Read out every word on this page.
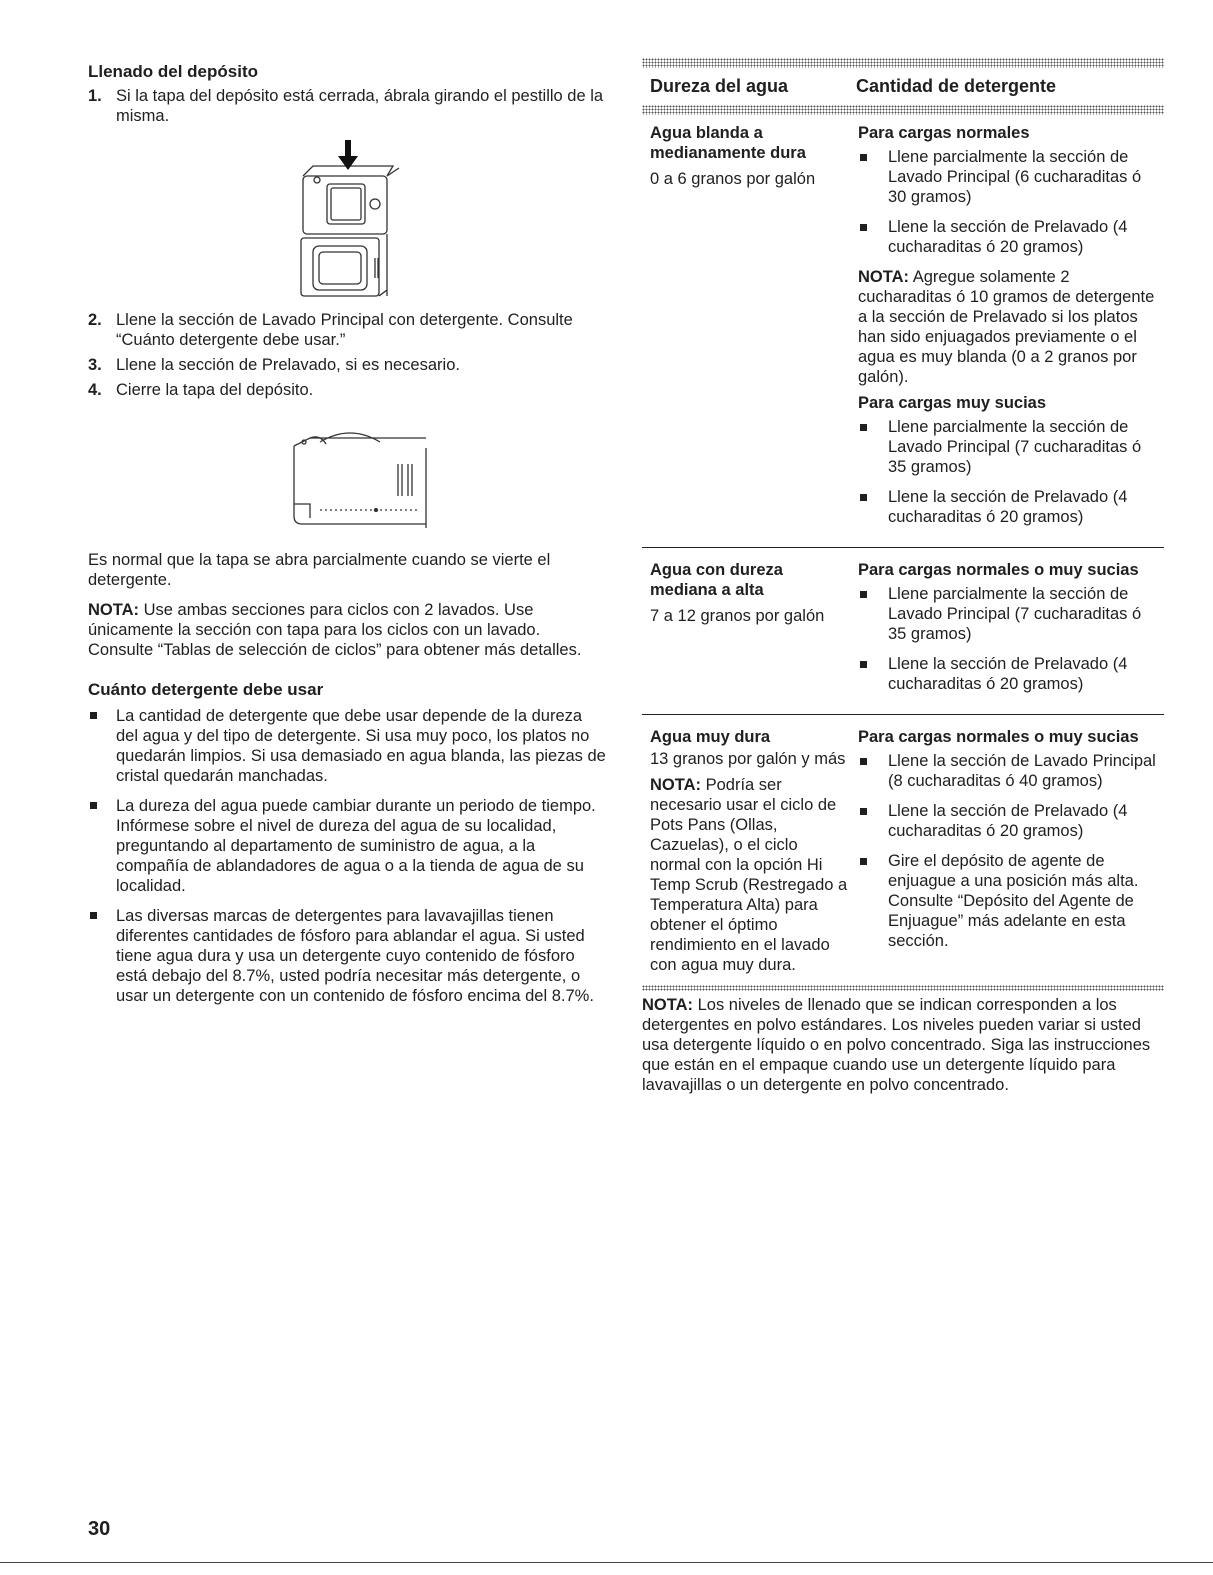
Llenado del depósito
1. Si la tapa del depósito está cerrada, ábrala girando el pestillo de la misma.
2. Llene la sección de Lavado Principal con detergente. Consulte “Cuánto detergente debe usar.”
3. Llene la sección de Prelavado, si es necesario.
4. Cierre la tapa del depósito.

Es normal que la tapa se abra parcialmente cuando se vierte el detergente.

NOTA: Use ambas secciones para ciclos con 2 lavados. Use únicamente la sección con tapa para los ciclos con un lavado. Consulte “Tablas de selección de ciclos” para obtener más detalles.

Cuánto detergente debe usar
La cantidad de detergente que debe usar depende de la dureza del agua y del tipo de detergente. Si usa muy poco, los platos no quedarán limpios. Si usa demasiado en agua blanda, las piezas de cristal quedarán manchadas.
La dureza del agua puede cambiar durante un periodo de tiempo. Infórmese sobre el nivel de dureza del agua de su localidad, preguntando al departamento de suministro de agua, a la compañía de ablandadores de agua o a la tienda de agua de su localidad.
Las diversas marcas de detergentes para lavavajillas tienen diferentes cantidades de fósforo para ablandar el agua. Si usted tiene agua dura y usa un detergente cuyo contenido de fósforo está debajo del 8.7%, usted podría necesitar más detergente, o usar un detergente con un contenido de fósforo encima del 8.7%.
Dureza del agua	Cantidad de detergente
Agua blanda a medianamente dura
0 a 6 granos por galón
Para cargas normales
Llene parcialmente la sección de Lavado Principal (6 cucharaditas ó 30 gramos)
Llene la sección de Prelavado (4 cucharaditas ó 20 gramos)
NOTA: Agregue solamente 2 cucharaditas ó 10 gramos de detergente a la sección de Prelavado si los platos han sido enjuagados previamente o el agua es muy blanda (0 a 2 granos por galón).
Para cargas muy sucias
Llene parcialmente la sección de Lavado Principal (7 cucharaditas ó 35 gramos)
Llene la sección de Prelavado (4 cucharaditas ó 20 gramos)
Agua con dureza mediana a alta
7 a 12 granos por galón
Para cargas normales o muy sucias
Llene parcialmente la sección de Lavado Principal (7 cucharaditas ó 35 gramos)
Llene la sección de Prelavado (4 cucharaditas ó 20 gramos)
Agua muy dura
13 granos por galón y más
NOTA: Podría ser necesario usar el ciclo de Pots Pans (Ollas, Cazuelas), o el ciclo normal con la opción Hi Temp Scrub (Restregado a Temperatura Alta) para obtener el óptimo rendimiento en el lavado con agua muy dura.
Para cargas normales o muy sucias
Llene la sección de Lavado Principal (8 cucharaditas ó 40 gramos)
Llene la sección de Prelavado (4 cucharaditas ó 20 gramos)
Gire el depósito de agente de enjuague a una posición más alta. Consulte “Depósito del Agente de Enjuague” más adelante en esta sección.

NOTA: Los niveles de llenado que se indican corresponden a los detergentes en polvo estándares. Los niveles pueden variar si usted usa detergente líquido o en polvo concentrado. Siga las instrucciones que están en el empaque cuando use un detergente líquido para lavavajillas o un detergente en polvo concentrado.

30
